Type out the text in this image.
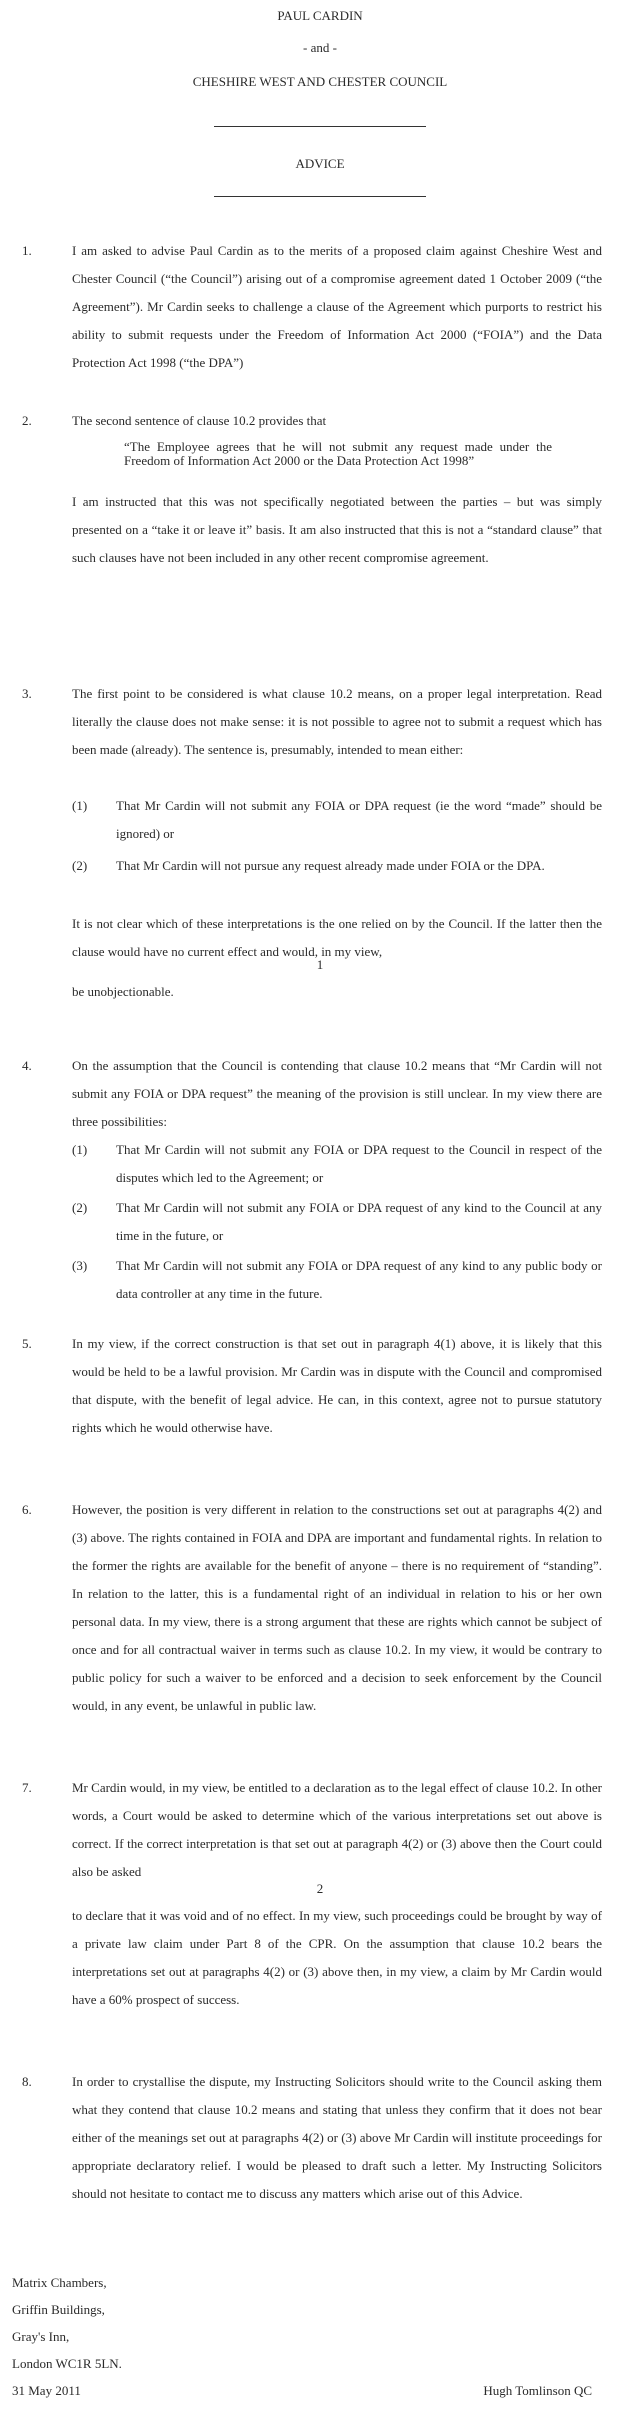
PAUL CARDIN
- and -
CHESHIRE WEST AND CHESTER COUNCIL
ADVICE
1.	I am asked to advise Paul Cardin as to the merits of a proposed claim against Cheshire West and Chester Council (“the Council”) arising out of a compromise agreement dated 1 October 2009 (“the Agreement”). Mr Cardin seeks to challenge a clause of the Agreement which purports to restrict his ability to submit requests under the Freedom of Information Act 2000 (“FOIA”) and the Data Protection Act 1998 (“the DPA”)

2.	The second sentence of clause 10.2 provides that

“The Employee agrees that he will not submit any request made under the Freedom of Information Act 2000 or the Data Protection Act 1998”

I am instructed that this was not specifically negotiated between the parties – but was simply presented on a “take it or leave it” basis. It am also instructed that this is not a “standard clause” that such clauses have not been included in any other recent compromise agreement.

3.	The first point to be considered is what clause 10.2 means, on a proper legal interpretation. Read literally the clause does not make sense: it is not possible to agree not to submit a request which has been made (already). The sentence is, presumably, intended to mean either:

(1) That Mr Cardin will not submit any FOIA or DPA request (ie the word “made” should be ignored) or
(2) That Mr Cardin will not pursue any request already made under FOIA or the DPA.

It is not clear which of these interpretations is the one relied on by the Council. If the latter then the clause would have no current effect and would, in my view,

1

be unobjectionable.

4.	On the assumption that the Council is contending that clause 10.2 means that “Mr Cardin will not submit any FOIA or DPA request” the meaning of the provision is still unclear. In my view there are three possibilities:

(1) That Mr Cardin will not submit any FOIA or DPA request to the Council in respect of the disputes which led to the Agreement; or
(2) That Mr Cardin will not submit any FOIA or DPA request of any kind to the Council at any time in the future, or
(3) That Mr Cardin will not submit any FOIA or DPA request of any kind to any public body or data controller at any time in the future.
5.	In my view, if the correct construction is that set out in paragraph 4(1) above, it is likely that this would be held to be a lawful provision. Mr Cardin was in dispute with the Council and compromised that dispute, with the benefit of legal advice. He can, in this context, agree not to pursue statutory rights which he would otherwise have.

6.	However, the position is very different in relation to the constructions set out at paragraphs 4(2) and (3) above. The rights contained in FOIA and DPA are important and fundamental rights. In relation to the former the rights are available for the benefit of anyone – there is no requirement of “standing”. In relation to the latter, this is a fundamental right of an individual in relation to his or her own personal data. In my view, there is a strong argument that these are rights which cannot be subject of once and for all contractual waiver in terms such as clause 10.2. In my view, it would be contrary to public policy for such a waiver to be enforced and a decision to seek enforcement by the Council would, in any event, be unlawful in public law.

7.	Mr Cardin would, in my view, be entitled to a declaration as to the legal effect of clause 10.2. In other words, a Court would be asked to determine which of the various interpretations set out above is correct. If the correct interpretation is that set out at paragraph 4(2) or (3) above then the Court could also be asked

2

to declare that it was void and of no effect. In my view, such proceedings could be brought by way of a private law claim under Part 8 of the CPR. On the assumption that clause 10.2 bears the interpretations set out at paragraphs 4(2) or (3) above then, in my view, a claim by Mr Cardin would have a 60% prospect of success.

8.	In order to crystallise the dispute, my Instructing Solicitors should write to the Council asking them what they contend that clause 10.2 means and stating that unless they confirm that it does not bear either of the meanings set out at paragraphs 4(2) or (3) above Mr Cardin will institute proceedings for appropriate declaratory relief. I would be pleased to draft such a letter. My Instructing Solicitors should not hesitate to contact me to discuss any matters which arise out of this Advice.

Matrix Chambers,
Griffin Buildings,
Gray's Inn,
London WC1R 5LN.
31 May 2011	Hugh Tomlinson QC
